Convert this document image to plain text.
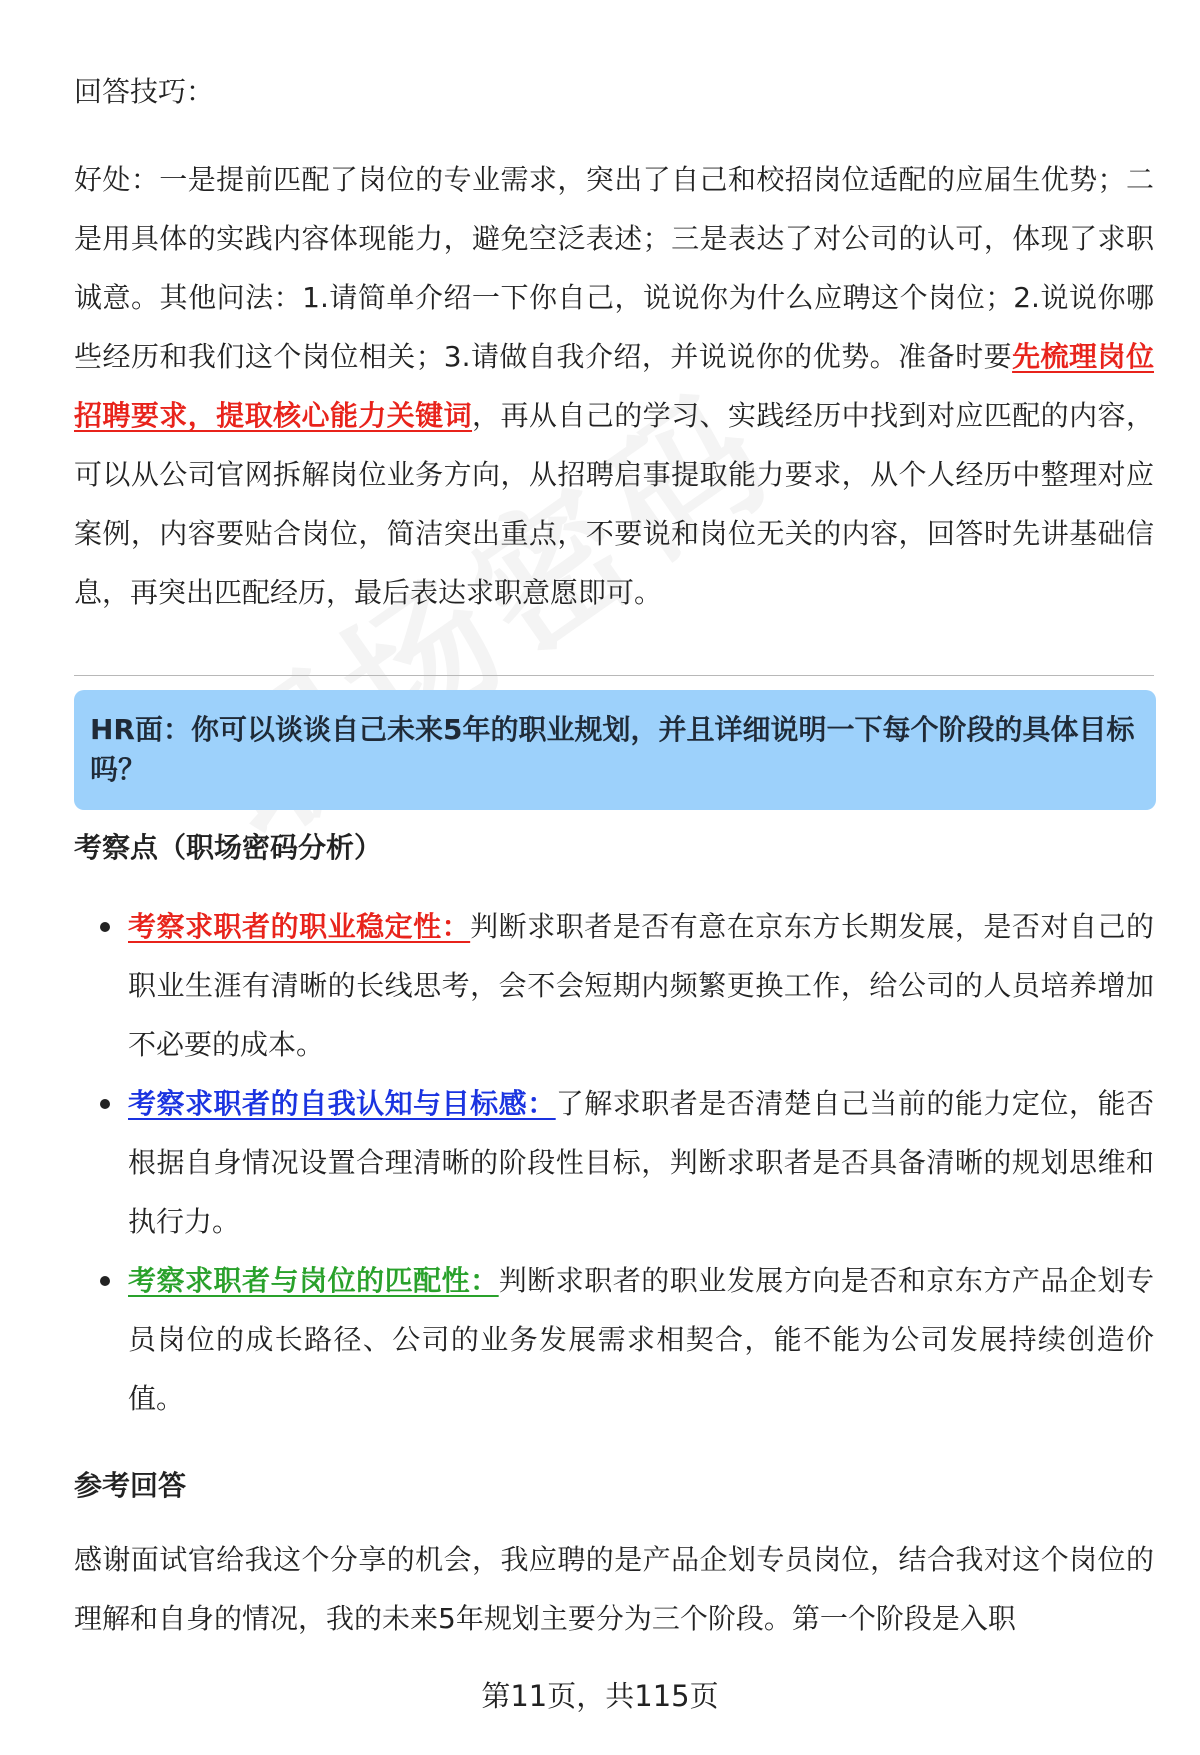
回答技巧：

好处：一是提前匹配了岗位的专业需求，突出了自己和校招岗位适配的应届生优势；二是用具体的实践内容体现能力，避免空泛表述；三是表达了对公司的认可，体现了求职诚意。其他问法：1.请简单介绍一下你自己，说说你为什么应聘这个岗位；2.说说你哪些经历和我们这个岗位相关；3.请做自我介绍，并说说你的优势。准备时要先梳理岗位招聘要求，提取核心能力关键词，再从自己的学习、实践经历中找到对应匹配的内容，可以从公司官网拆解岗位业务方向，从招聘启事提取能力要求，从个人经历中整理对应案例，内容要贴合岗位，简洁突出重点，不要说和岗位无关的内容，回答时先讲基础信息，再突出匹配经历，最后表达求职意愿即可。

HR面：你可以谈谈自己未来5年的职业规划，并且详细说明一下每个阶段的具体目标吗？

考察点（职场密码分析）
考察求职者的职业稳定性：判断求职者是否有意在京东方长期发展，是否对自己的职业生涯有清晰的长线思考，会不会短期内频繁更换工作，给公司的人员培养增加不必要的成本。
考察求职者的自我认知与目标感：了解求职者是否清楚自己当前的能力定位，能否根据自身情况设置合理清晰的阶段性目标，判断求职者是否具备清晰的规划思维和执行力。
考察求职者与岗位的匹配性：判断求职者的职业发展方向是否和京东方产品企划专员岗位的成长路径、公司的业务发展需求相契合，能不能为公司发展持续创造价值。
参考回答

感谢面试官给我这个分享的机会，我应聘的是产品企划专员岗位，结合我对这个岗位的理解和自身的情况，我的未来5年规划主要分为三个阶段。第一个阶段是入职

第11页，共115页
